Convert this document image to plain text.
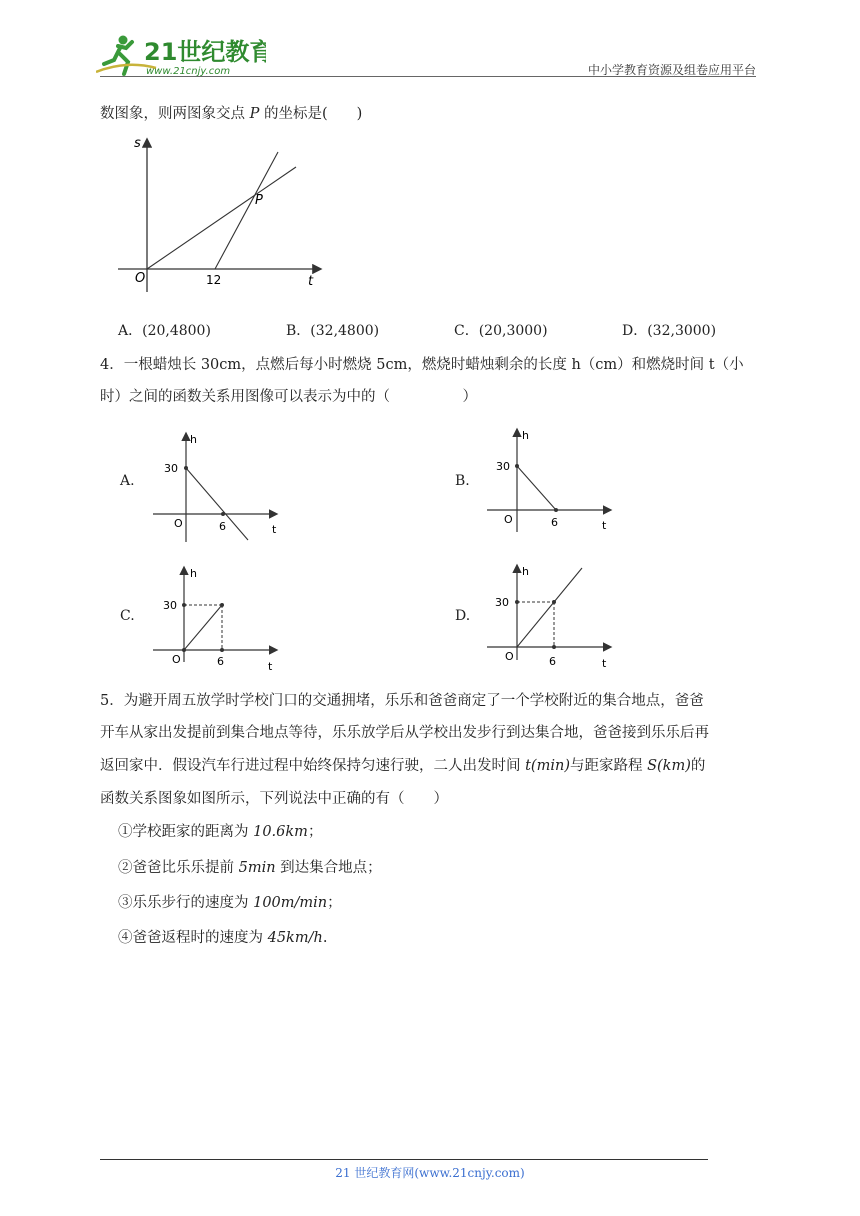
21世纪教育
www.21cnjy.com	中小学教育资源及组卷应用平台
数图象，则两图象交点 P 的坐标是(　　)
s
t
O	12
P
A．(20,4800)	B．(32,4800)	C．(20,3000)	D．(32,3000)
4．一根蜡烛长 30cm，点燃后每小时燃烧 5cm，燃烧时蜡烛剩余的长度 h（cm）和燃烧时间 t（小
时）之间的函数关系用图像可以表示为中的（　　　　　）
A.
h
t
O
30
6
B.
h
t
O
30
6
C.
h
t
O
30
6
D.
h
t
O
30
6
5．为避开周五放学时学校门口的交通拥堵，乐乐和爸爸商定了一个学校附近的集合地点，爸爸
开车从家出发提前到集合地点等待，乐乐放学后从学校出发步行到达集合地，爸爸接到乐乐后再
返回家中．假设汽车行进过程中始终保持匀速行驶，二人出发时间 t(min)与距家路程 S(km)的
函数关系图象如图所示，下列说法中正确的有（　　）
①学校距家的距离为 10.6km；
②爸爸比乐乐提前 5min 到达集合地点；
③乐乐步行的速度为 100m/min；
④爸爸返程时的速度为 45km/h.
21 世纪教育网(www.21cnjy.com)
